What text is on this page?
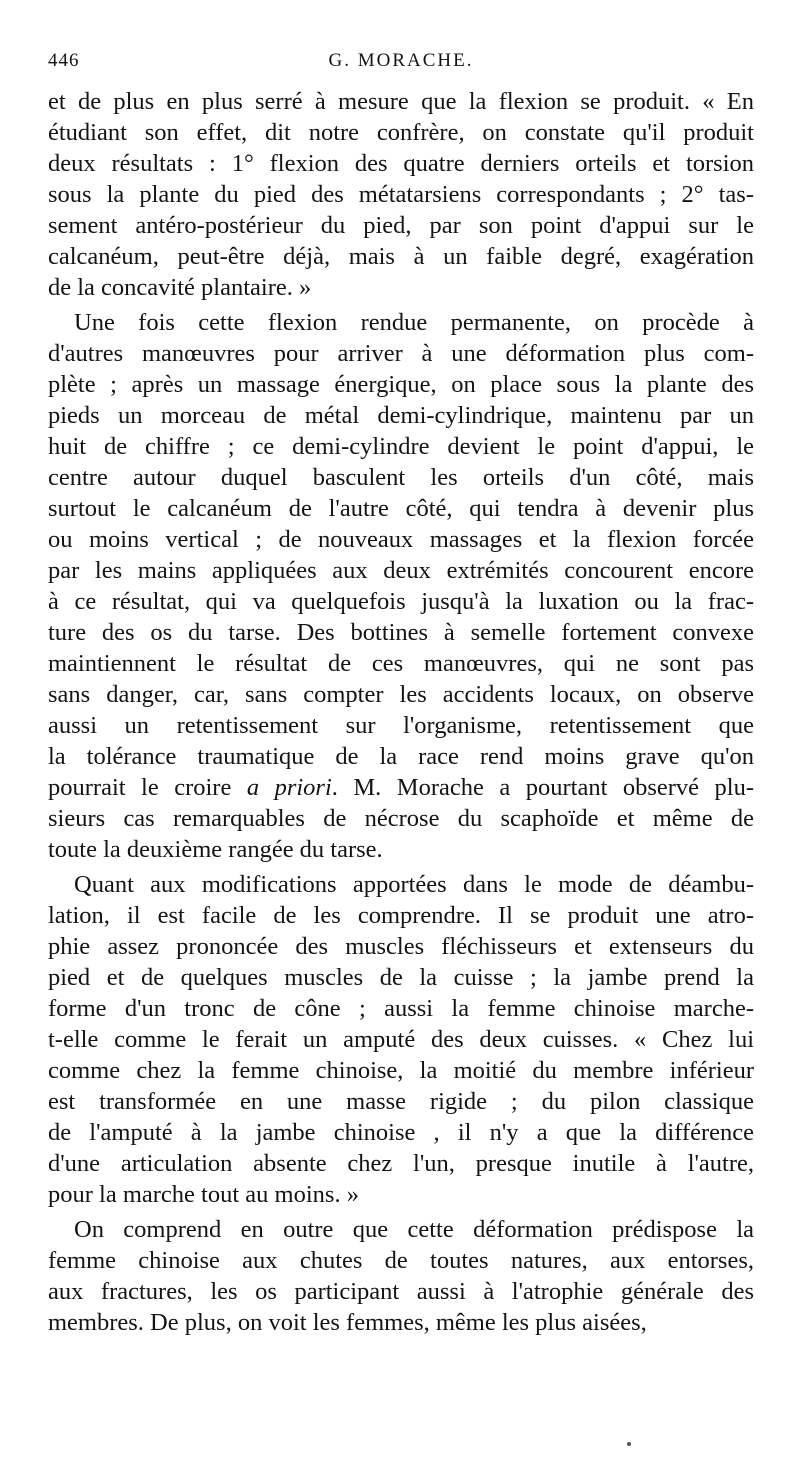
446	G. MORACHE.
et de plus en plus serré à mesure que la flexion se produit. « En
étudiant son effet, dit notre confrère, on constate qu'il produit
deux résultats : 1° flexion des quatre derniers orteils et torsion
sous la plante du pied des métatarsiens correspondants ; 2° tas-
sement antéro-postérieur du pied, par son point d'appui sur le
calcanéum, peut-être déjà, mais à un faible degré, exagération
de la concavité plantaire. »
Une fois cette flexion rendue permanente, on procède à
d'autres manœuvres pour arriver à une déformation plus com-
plète ; après un massage énergique, on place sous la plante des
pieds un morceau de métal demi-cylindrique, maintenu par un
huit de chiffre ; ce demi-cylindre devient le point d'appui, le
centre autour duquel basculent les orteils d'un côté, mais
surtout le calcanéum de l'autre côté, qui tendra à devenir plus
ou moins vertical ; de nouveaux massages et la flexion forcée
par les mains appliquées aux deux extrémités concourent encore
à ce résultat, qui va quelquefois jusqu'à la luxation ou la frac-
ture des os du tarse. Des bottines à semelle fortement convexe
maintiennent le résultat de ces manœuvres, qui ne sont pas
sans danger, car, sans compter les accidents locaux, on observe
aussi un retentissement sur l'organisme, retentissement que
la tolérance traumatique de la race rend moins grave qu'on
pourrait le croire a priori. M. Morache a pourtant observé plu-
sieurs cas remarquables de nécrose du scaphoïde et même de
toute la deuxième rangée du tarse.
Quant aux modifications apportées dans le mode de déambu-
lation, il est facile de les comprendre. Il se produit une atro-
phie assez prononcée des muscles fléchisseurs et extenseurs du
pied et de quelques muscles de la cuisse ; la jambe prend la
forme d'un tronc de cône ; aussi la femme chinoise marche-
t-elle comme le ferait un amputé des deux cuisses. « Chez lui
comme chez la femme chinoise, la moitié du membre inférieur
est transformée en une masse rigide ; du pilon classique
de l'amputé à la jambe chinoise , il n'y a que la différence
d'une articulation absente chez l'un, presque inutile à l'autre,
pour la marche tout au moins. »
On comprend en outre que cette déformation prédispose la
femme chinoise aux chutes de toutes natures, aux entorses,
aux fractures, les os participant aussi à l'atrophie générale des
membres. De plus, on voit les femmes, même les plus aisées,
